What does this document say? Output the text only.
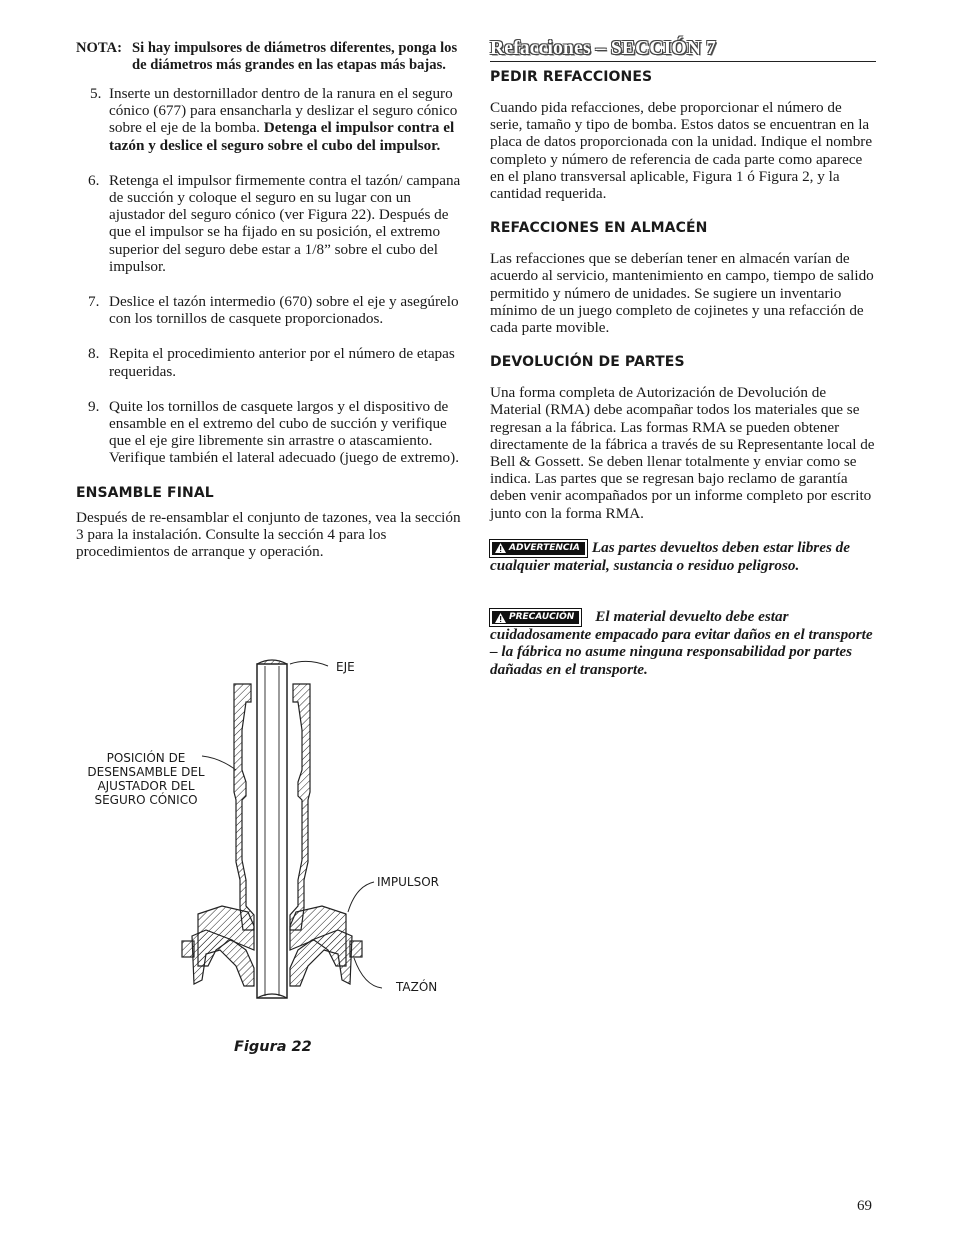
NOTA: Si hay impulsores de diámetros diferentes, ponga los de diámetros más grandes en las etapas más bajas.
5. Inserte un destornillador dentro de la ranura en el seguro cónico (677) para ensancharla y deslizar el seguro cónico sobre el eje de la bomba. Detenga el impulsor contra el tazón y deslice el seguro sobre el cubo del impulsor.
6. Retenga el impulsor firmemente contra el tazón/ campana de succión y coloque el seguro en su lugar con un ajustador del seguro cónico (ver Figura 22). Después de que el impulsor se ha fijado en su posición, el extremo superior del seguro debe estar a 1/8” sobre el cubo del impulsor.
7. Deslice el tazón intermedio (670) sobre el eje y asegúrelo con los tornillos de casquete proporcionados.
8. Repita el procedimiento anterior por el número de etapas requeridas.
9. Quite los tornillos de casquete largos y el dispositivo de ensamble en el extremo del cubo de succión y verifique que el eje gire libremente sin arrastre o atascamiento. Verifique también el lateral adecuado (juego de extremo).
ENSAMBLE FINAL

Después de re-ensamblar el conjunto de tazones, vea la sección 3 para la instalación. Consulte la sección 4 para los procedimientos de arranque y operación.

EJE
POSICIÓN DE DESENSAMBLE DEL AJUSTADOR DEL SEGURO CÓNICO
IMPULSOR
TAZÓN
Figura 22
Refacciones – SECCIÓN 7
PEDIR REFACCIONES

Cuando pida refacciones, debe proporcionar el número de serie, tamaño y tipo de bomba. Estos datos se encuentran en la placa de datos proporcionada con la unidad. Indique el nombre completo y número de referencia de cada parte como aparece en el plano transversal aplicable, Figura 1 ó Figura 2, y la cantidad requerida.

REFACCIONES EN ALMACÉN

Las refacciones que se deberían tener en almacén varían de acuerdo al servicio, mantenimiento en campo, tiempo de salido permitido y número de unidades. Se sugiere un inventario mínimo de un juego completo de cojinetes y una refacción de cada parte movible.

DEVOLUCIÓN DE PARTES

Una forma completa de Autorización de Devolución de Material (RMA) debe acompañar todos los materiales que se regresan a la fábrica. Las formas RMA se pueden obtener directamente de la fábrica a través de su Representante local de Bell & Gossett. Se deben llenar totalmente y enviar como se indica. Las partes que se regresan bajo reclamo de garantía deben venir acompañados por un informe completo por escrito junto con la forma RMA.

ADVERTENCIA Las partes devueltos deben estar libres de cualquier material, sustancia o residuo peligroso.
PRECAUCIÓN El material devuelto debe estar cuidadosamente empacado para evitar daños en el transporte – la fábrica no asume ninguna responsabilidad por partes dañadas en el transporte.
69
